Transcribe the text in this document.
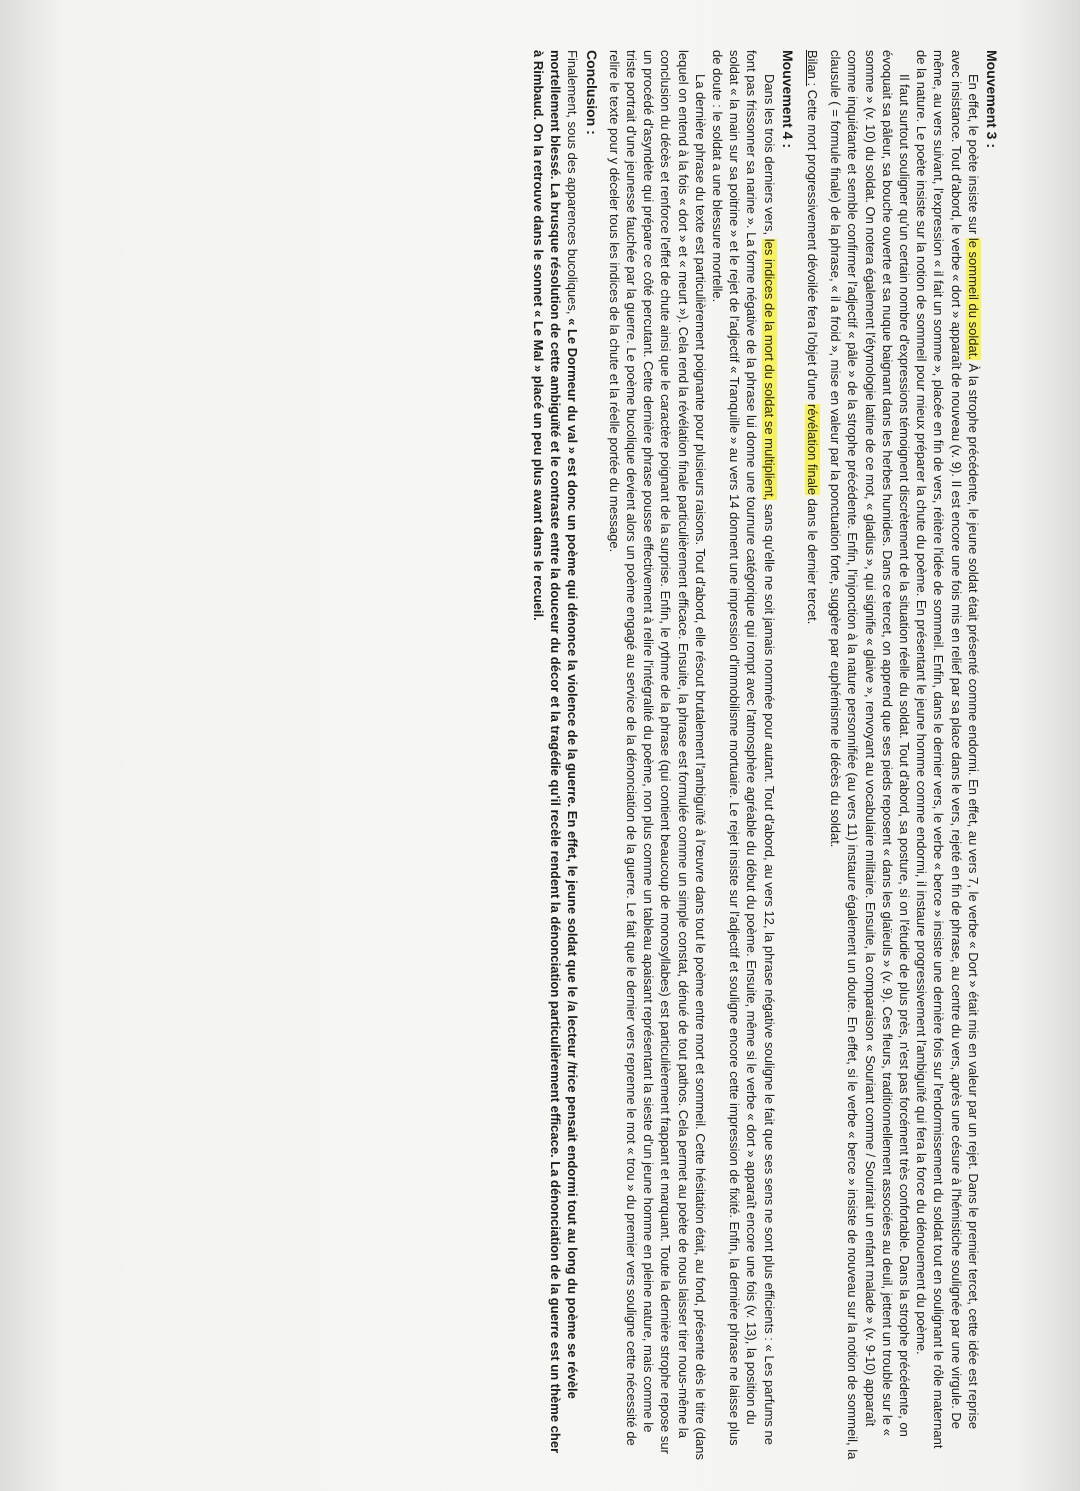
Mouvement 3 :

En effet, le poète insiste sur le sommeil du soldat. À la strophe précédente, le jeune soldat était présenté comme endormi. En effet, au vers 7, le verbe « Dort » était mis en valeur par un rejet. Dans le premier tercet, cette idée est reprise avec insistance. Tout d'abord, le verbe « dort » apparaît de nouveau (v. 9). Il est encore une fois mis en relief par sa place dans le vers, rejeté en fin de phrase, au centre du vers, après une césure à l'hémistiche soulignée par une virgule. De même, au vers suivant, l'expression « il fait un somme », placée en fin de vers, réitère l'idée de sommeil. Enfin, dans le dernier vers, le verbe « berce » insiste une dernière fois sur l'endormissement du soldat tout en soulignant le rôle maternant de la nature. Le poète insiste sur la notion de sommeil pour mieux préparer la chute du poème. En présentant le jeune homme comme endormi, il instaure progressivement l'ambiguïté qui fera la force du dénouement du poème.

Il faut surtout souligner qu'un certain nombre d'expressions témoignent discrètement de la situation réelle du soldat. Tout d'abord, sa posture, si on l'étudie de plus près, n'est pas forcément très confortable. Dans la strophe précédente, on évoquait sa pâleur, sa bouche ouverte et sa nuque baignant dans les herbes humides. Dans ce tercet, on apprend que ses pieds reposent « dans les glaïeuls » (v. 9). Ces fleurs, traditionnellement associées au deuil, jettent un trouble sur le « somme » (v. 10) du soldat. On notera également l'étymologie latine de ce mot, « gladius », qui signifie « glaive », renvoyant au vocabulaire militaire. Ensuite, la comparaison « Souriant comme / Sourirait un enfant malade » (v. 9-10) apparaît comme inquiétante et semble confirmer l'adjectif « pâle » de la strophe précédente. Enfin, l'injonction à la nature personnifiée (au vers 11) instaure également un doute. En effet, si le verbe « berce » insiste de nouveau sur la notion de sommeil, la clausule ( = formule finale) de la phrase, « il a froid », mise en valeur par la ponctuation forte, suggère par euphémisme le décès du soldat.

Bilan : Cette mort progressivement dévoilée fera l'objet d'une révélation finale dans le dernier tercet.

Mouvement 4 :

Dans les trois derniers vers, les indices de la mort du soldat se multiplient, sans qu'elle ne soit jamais nommée pour autant. Tout d'abord, au vers 12, la phrase négative souligne le fait que ses sens ne sont plus efficients : « Les parfums ne font pas frissonner sa narine ». La forme négative de la phrase lui donne une tournure catégorique qui rompt avec l'atmosphère agréable du début du poème. Ensuite, même si le verbe « dort » apparaît encore une fois (v. 13), la position du soldat « la main sur sa poitrine » et le rejet de l'adjectif « Tranquille » au vers 14 donnent une impression d'immobilisme mortuaire. Le rejet insiste sur l'adjectif et souligne encore cette impression de fixité. Enfin, la dernière phrase ne laisse plus de doute : le soldat a une blessure mortelle.

La dernière phrase du texte est particulièrement poignante pour plusieurs raisons. Tout d'abord, elle résout brutalement l'ambiguïté à l'œuvre dans tout le poème entre mort et sommeil. Cette hésitation était, au fond, présente dès le titre (dans lequel on entend à la fois « dort » et « meurt »). Cela rend la révélation finale particulièrement efficace. Ensuite, la phrase est formulée comme un simple constat, dénué de tout pathos. Cela permet au poète de nous laisser tirer nous-même la conclusion du décès et renforce l'effet de chute ainsi que le caractère poignant de la surprise. Enfin, le rythme de la phrase (qui contient beaucoup de monosyllabes) est particulièrement frappant et marquant. Toute la dernière strophe repose sur un procédé d'asyndète qui prépare ce côté percutant. Cette dernière phrase pousse effectivement à relire l'intégralité du poème, non plus comme un tableau apaisant représentant la sieste d'un jeune homme en pleine nature, mais comme le triste portrait d'une jeunesse fauchée par la guerre. Le poème bucolique devient alors un poème engagé au service de la dénonciation de la guerre. Le fait que le dernier vers reprenne le mot « trou » du premier vers souligne cette nécessité de relire le texte pour y déceler tous les indices de la chute et la réelle portée du message.

Conclusion :

Finalement, sous des apparences bucoliques, « Le Dormeur du val » est donc un poème qui dénonce la violence de la guerre. En effet, le jeune soldat que le /a lecteur /trice pensait endormi tout au long du poème se révèle mortellement blessé. La brusque résolution de cette ambiguïté et le contraste entre la douceur du décor et la tragédie qu'il recèle rendent la dénonciation particulièrement efficace. La dénonciation de la guerre est un thème cher à Rimbaud. On la retrouve dans le sonnet « Le Mal » placé un peu plus avant dans le recueil.
